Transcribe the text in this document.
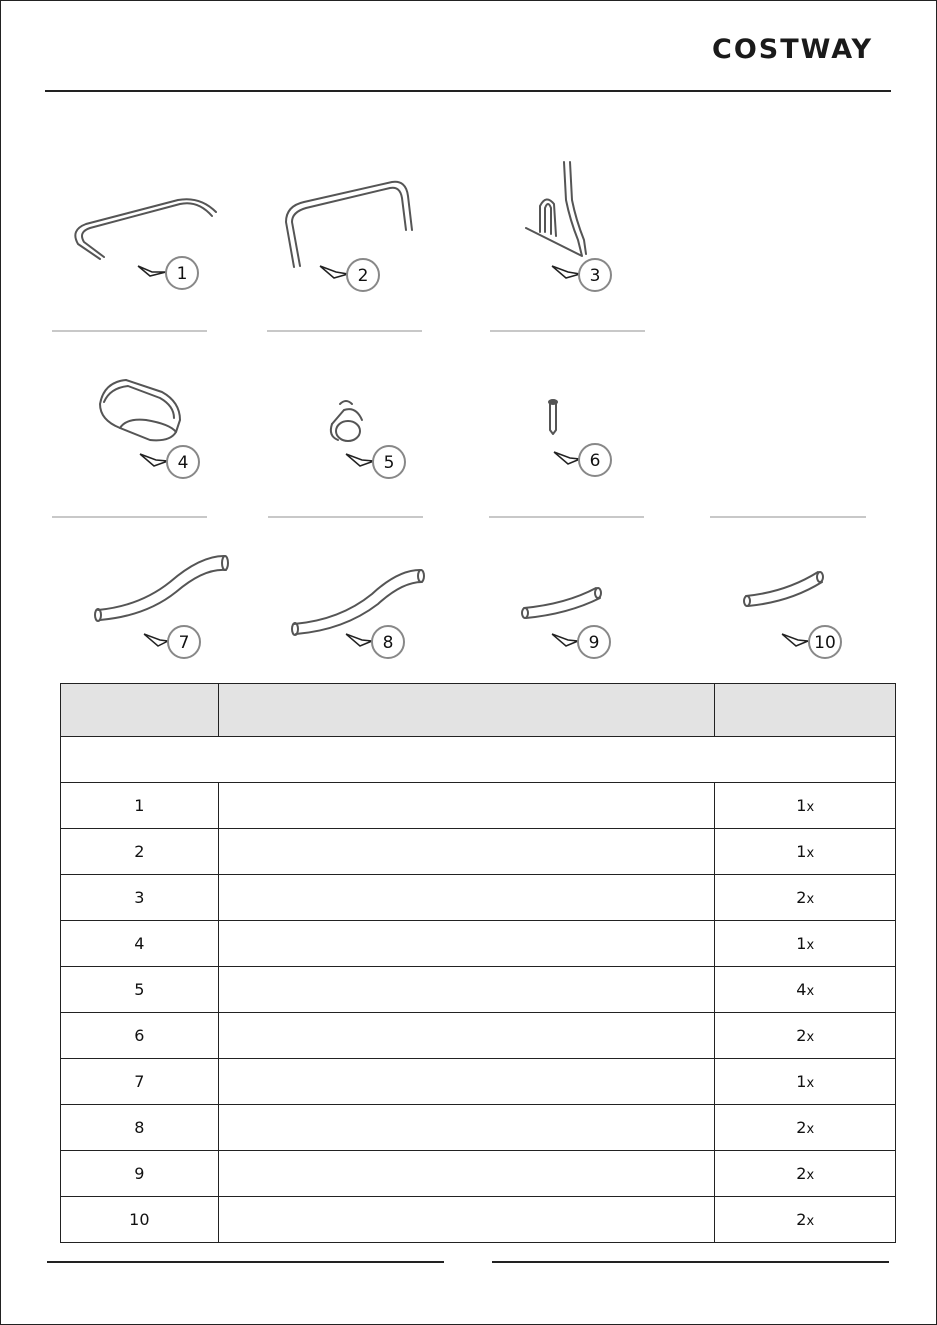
COSTWAY
1	2	3
4	5	6
7	8	9	10

1		1x
2		1x
3		2x
4		1x
5		4x
6		2x
7		1x
8		2x
9		2x
10		2x
